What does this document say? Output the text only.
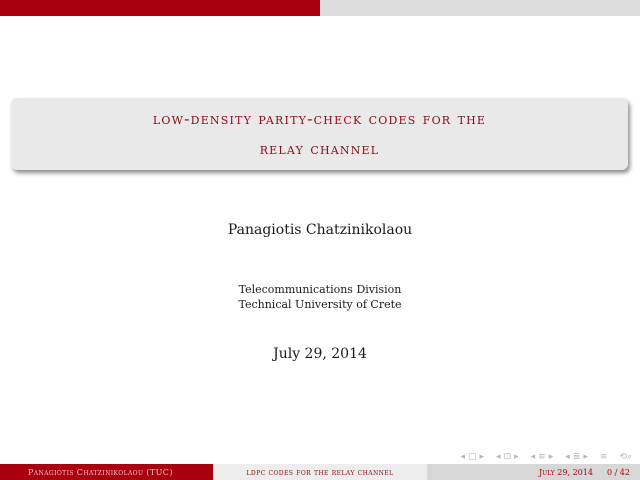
low-density parity-check codes for the
relay channel
Panagiotis Chatzinikolaou
Telecommunications Division
Technical University of Crete
July 29, 2014
◂ □ ▸ ◂ ⊡ ▸ ◂ ≡ ▸ ◂ ≣ ▸ ≡ ⟲⌕
Panagiotis Chatzinikolaou (TUC)	ldpc codes for the relay channel	July 29, 2014 0 / 42
